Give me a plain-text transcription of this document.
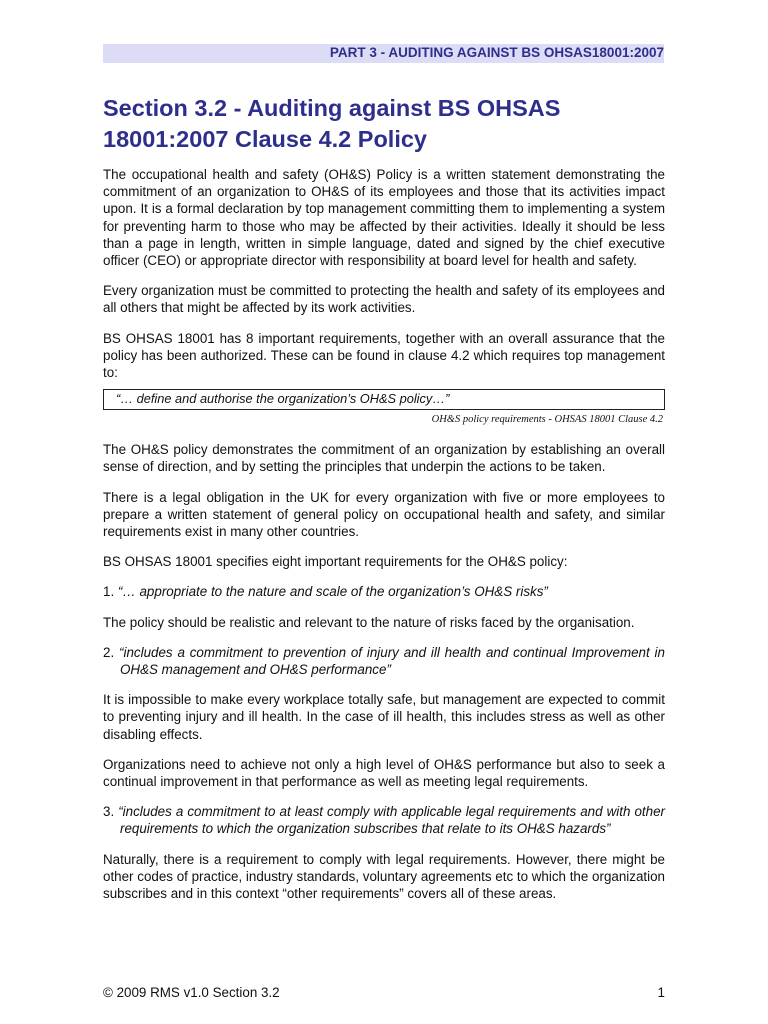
PART 3 - AUDITING AGAINST BS OHSAS18001:2007
Section 3.2 - Auditing against BS OHSAS
18001:2007 Clause 4.2 Policy

The occupational health and safety (OH&S) Policy is a written statement demonstrating the commitment of an organization to OH&S of its employees and those that its activities impact upon. It is a formal declaration by top management committing them to implementing a system for preventing harm to those who may be affected by their activities. Ideally it should be less than a page in length, written in simple language, dated and signed by the chief executive officer (CEO) or appropriate director with responsibility at board level for health and safety.

Every organization must be committed to protecting the health and safety of its employees and all others that might be affected by its work activities.

BS OHSAS 18001 has 8 important requirements, together with an overall assurance that the policy has been authorized. These can be found in clause 4.2 which requires top management to:

“… define and authorise the organization’s OH&S policy…”
OH&S policy requirements - OHSAS 18001 Clause 4.2

The OH&S policy demonstrates the commitment of an organization by establishing an overall sense of direction, and by setting the principles that underpin the actions to be taken.

There is a legal obligation in the UK for every organization with five or more employees to prepare a written statement of general policy on occupational health and safety, and similar requirements exist in many other countries.

BS OHSAS 18001 specifies eight important requirements for the OH&S policy:

1. “… appropriate to the nature and scale of the organization’s OH&S risks”

The policy should be realistic and relevant to the nature of risks faced by the organisation.

2. “includes a commitment to prevention of injury and ill health and continual Improvement in OH&S management and OH&S performance”

It is impossible to make every workplace totally safe, but management are expected to commit to preventing injury and ill health. In the case of ill health, this includes stress as well as other disabling effects.

Organizations need to achieve not only a high level of OH&S performance but also to seek a continual improvement in that performance as well as meeting legal requirements.

3. “includes a commitment to at least comply with applicable legal requirements and with other requirements to which the organization subscribes that relate to its OH&S hazards”

Naturally, there is a requirement to comply with legal requirements. However, there might be other codes of practice, industry standards, voluntary agreements etc to which the organization subscribes and in this context “other requirements” covers all of these areas.

© 2009 RMS v1.0 Section 3.2	1
